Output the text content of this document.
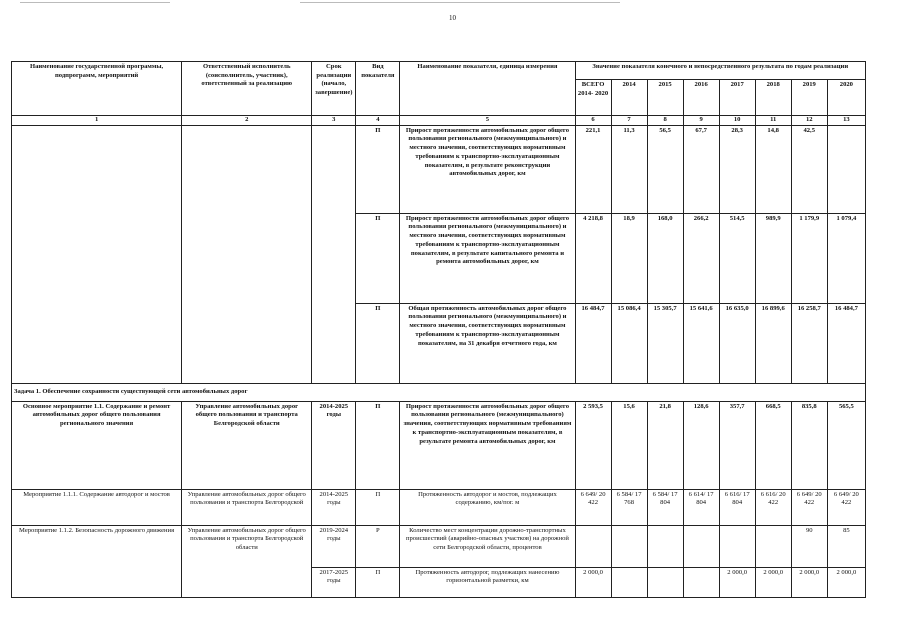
10
Наименование государственной программы, подпрограмм, мероприятий	Ответственный исполнитель (соисполнитель, участник), ответственный за реализацию	Срок реализации (начало, завершение)	Вид показателя	Наименование показателя, единица измерения	Значение показателя конечного и непосредственного результата по годам реализации							
					ВСЕГО 2014- 2020	2014	2015	2016	2017	2018	2019	2020
1	2	3	4	5	6	7	8	9	10	11	12	13
			П	Прирост протяженности автомобильных дорог общего пользования регионального (межмуниципального) и местного значения, соответствующих нормативным требованиям к транспортно-эксплуатационным показателям, в результате реконструкции автомобильных дорог, км	221,1	11,3	56,5	67,7	28,3	14,8	42,5	
			П	Прирост протяженности автомобильных дорог общего пользования регионального (межмуниципального) и местного значения, соответствующих нормативным требованиям к транспортно-эксплуатационным показателям, в результате капитального ремонта и ремонта автомобильных дорог, км	4 218,8	18,9	168,0	266,2	514,5	989,9	1 179,9	1 079,4
			П	Общая протяженность автомобильных дорог общего пользования регионального (межмуниципального) и местного значения, соответствующих нормативным требованиям к транспортно-эксплуатационным показателям, на 31 декабря отчетного года, км	16 484,7	15 086,4	15 305,7	15 641,6	16 635,0	16 899,6	16 258,7	16 484,7
Задача 1. Обеспечение сохранности существующей сети автомобильных дорог												
Основное мероприятие 1.1. Содержание и ремонт автомобильных дорог общего пользования регионального значения	Управление автомобильных дорог общего пользования и транспорта Белгородской области	2014-2025 годы	П	Прирост протяженности автомобильных дорог общего пользования регионального (межмуниципального) значения, соответствующих нормативным требованиям к транспортно-эксплуатационным показателям, в результате ремонта автомобильных дорог, км	2 593,5	15,6	21,8	128,6	357,7	668,5	835,8	565,5
Мероприятие 1.1.1. Содержание автодорог и мостов	Управление автомобильных дорог общего пользования и транспорта Белгородской	2014-2025 годы	П	Протяженность автодорог и мостов, подлежащих содержанию, км/пог. м	6 649/ 20 422	6 584/ 17 768	6 584/ 17 804	6 614/ 17 804	6 616/ 17 804	6 616/ 20 422	6 649/ 20 422	6 649/ 20 422
Мероприятие 1.1.2. Безопасность дорожного движения	Управление автомобильных дорог общего пользования и транспорта Белгородской области	2019-2024 годы	Р	Количество мест концентрации дорожно-транспортных происшествий (аварийно-опасных участков) на дорожной сети Белгородской области, процентов							90	85
		2017-2025 годы	П	Протяженность автодорог, подлежащих нанесению горизонтальной разметки, км	2 000,0				2 000,0	2 000,0	2 000,0	2 000,0
